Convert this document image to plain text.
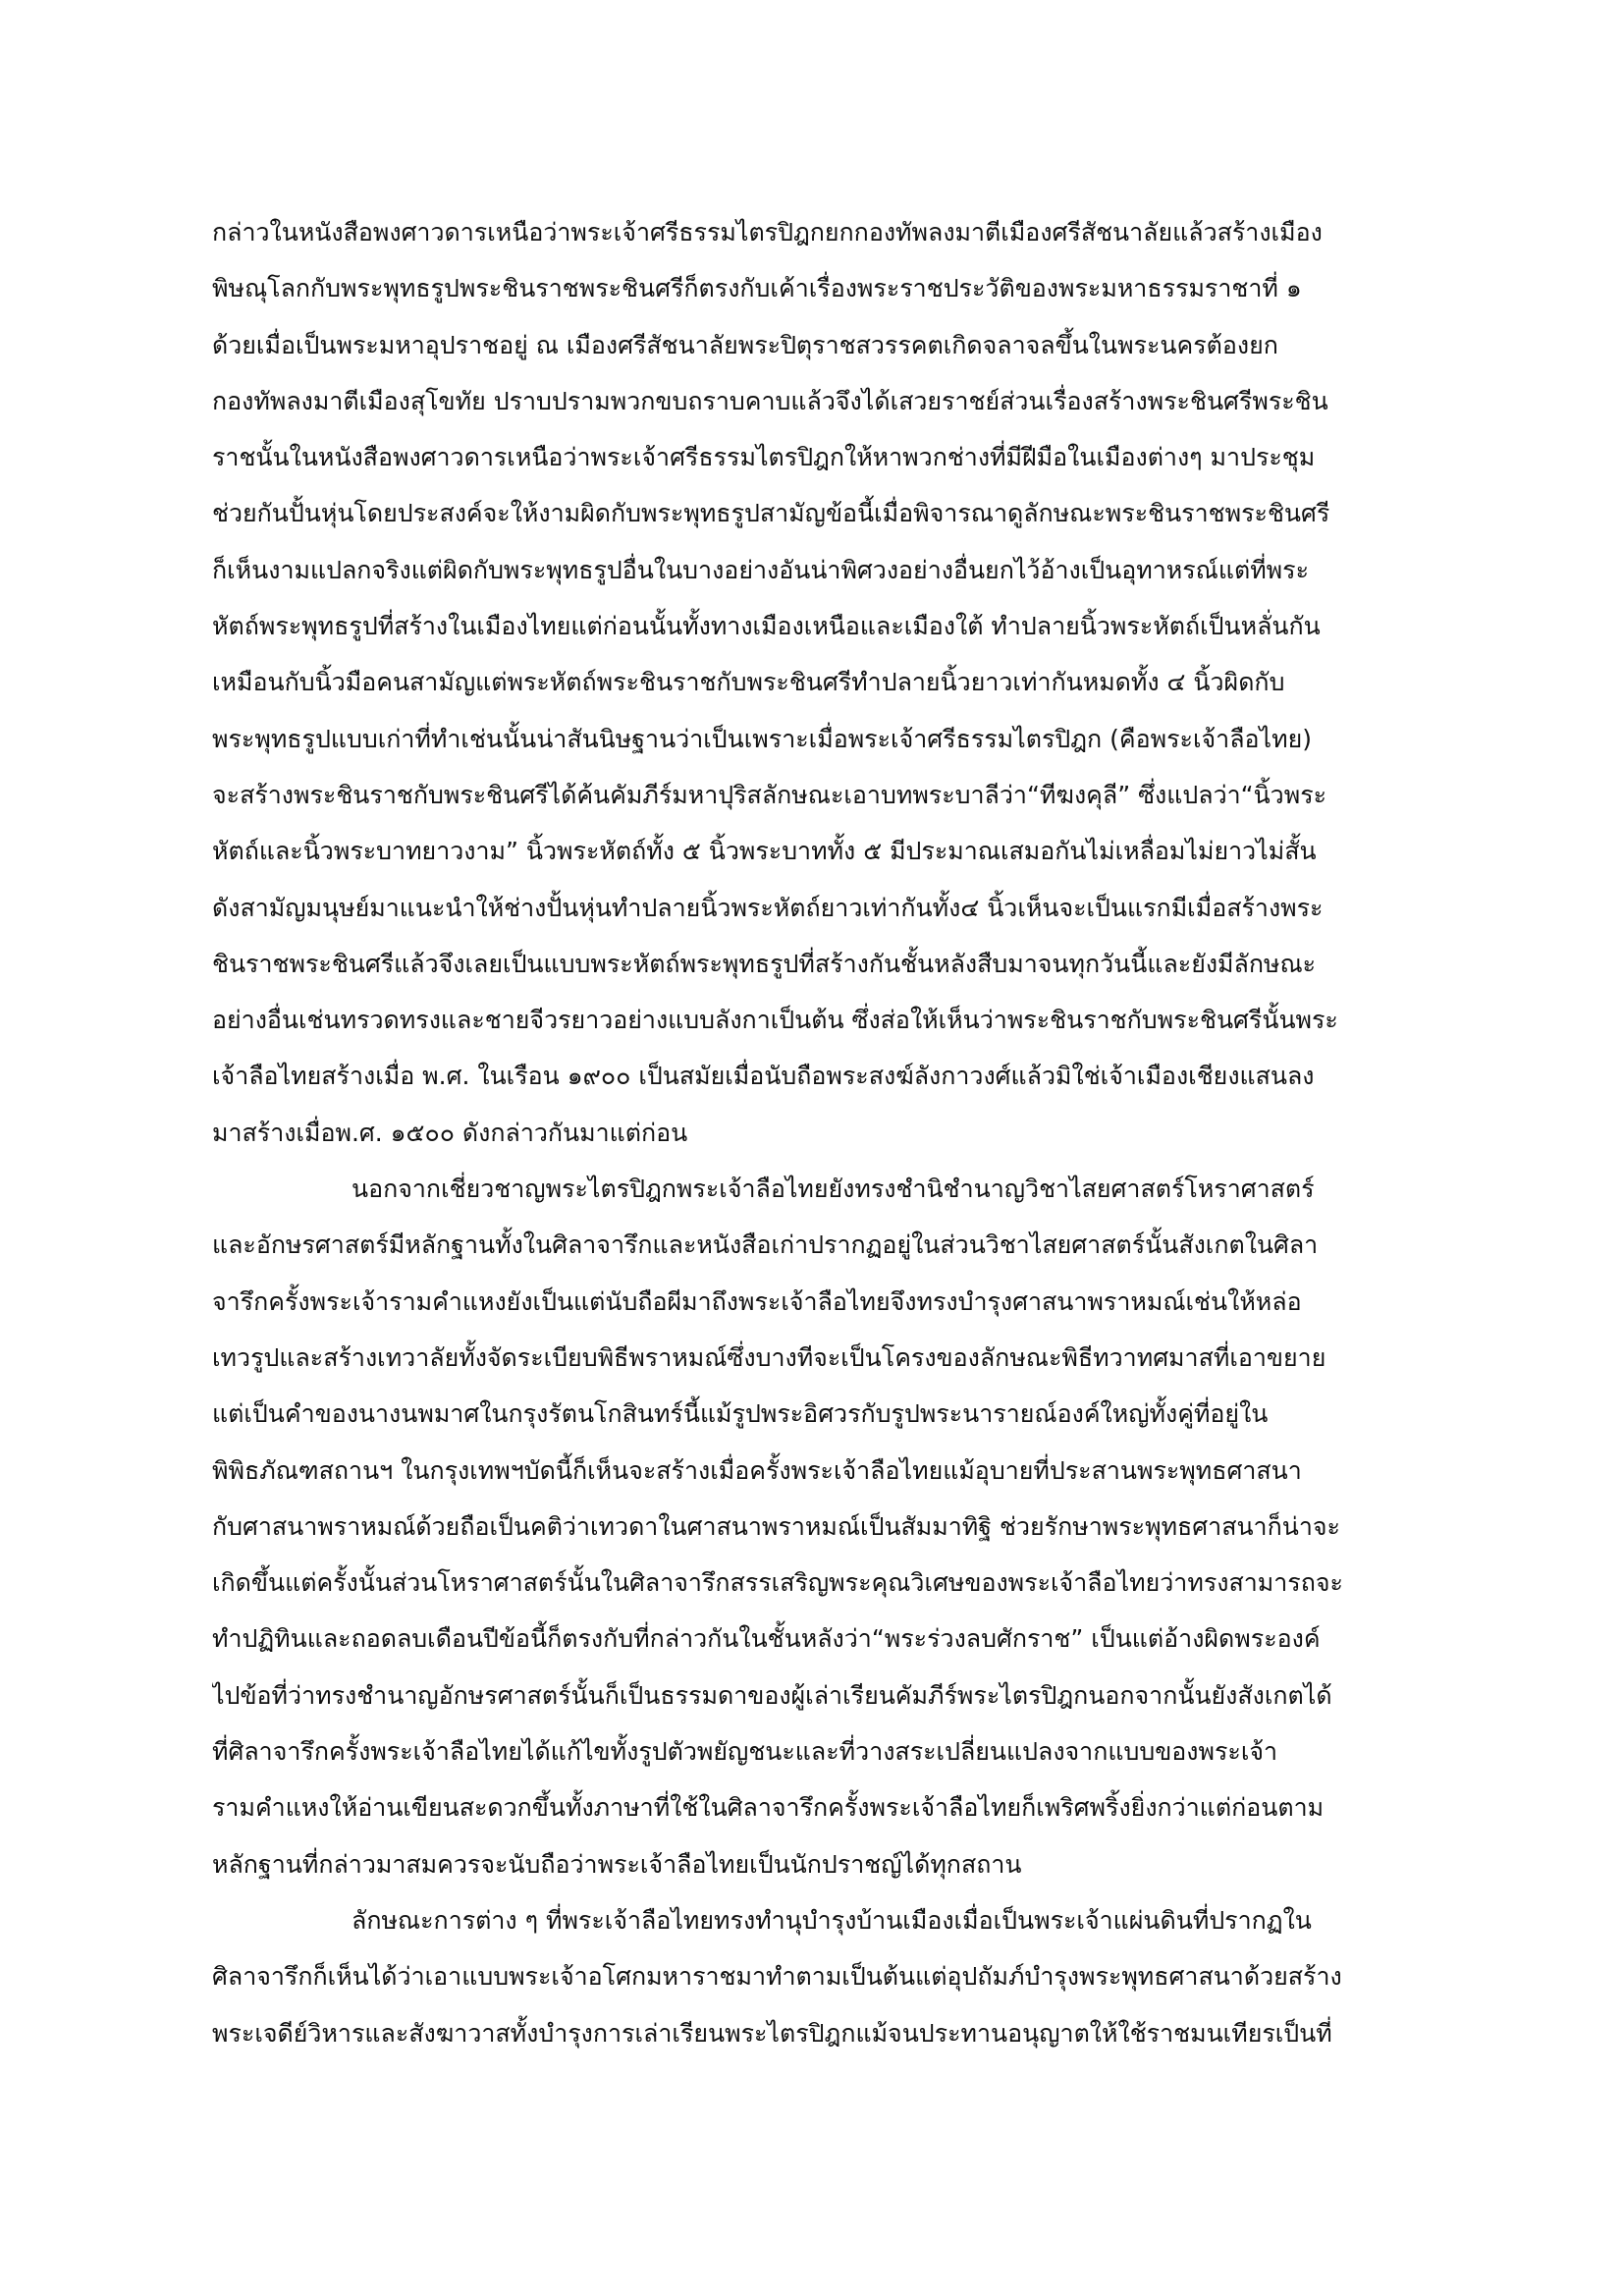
กล่าวในหนังสือพงศาวดารเหนือว่าพระเจ้าศรีธรรมไตรปิฎกยกกองทัพลงมาตีเมืองศรีสัชนาลัยแล้วสร้างเมือง
พิษณุโลกกับพระพุทธรูปพระชินราชพระชินศรีก็ตรงกับเค้าเรื่องพระราชประวัติของพระมหาธรรมราชาที่ ๑
ด้วยเมื่อเป็นพระมหาอุปราชอยู่ ณ เมืองศรีสัชนาลัยพระปิตุราชสวรรคตเกิดจลาจลขึ้นในพระนครต้องยก
กองทัพลงมาตีเมืองสุโขทัย ปราบปรามพวกขบถราบคาบแล้วจึงได้เสวยราชย์ส่วนเรื่องสร้างพระชินศรีพระชิน
ราชนั้นในหนังสือพงศาวดารเหนือว่าพระเจ้าศรีธรรมไตรปิฎกให้หาพวกช่างที่มีฝีมือในเมืองต่างๆ มาประชุม
ช่วยกันปั้นหุ่นโดยประสงค์จะให้งามผิดกับพระพุทธรูปสามัญข้อนี้เมื่อพิจารณาดูลักษณะพระชินราชพระชินศรี
ก็เห็นงามแปลกจริงแต่ผิดกับพระพุทธรูปอื่นในบางอย่างอันน่าพิศวงอย่างอื่นยกไว้อ้างเป็นอุทาหรณ์แต่ที่พระ
หัตถ์พระพุทธรูปที่สร้างในเมืองไทยแต่ก่อนนั้นทั้งทางเมืองเหนือและเมืองใต้ ทำปลายนิ้วพระหัตถ์เป็นหลั่นกัน
เหมือนกับนิ้วมือคนสามัญแต่พระหัตถ์พระชินราชกับพระชินศรีทำปลายนิ้วยาวเท่ากันหมดทั้ง ๔ นิ้วผิดกับ
พระพุทธรูปแบบเก่าที่ทำเช่นนั้นน่าสันนิษฐานว่าเป็นเพราะเมื่อพระเจ้าศรีธรรมไตรปิฎก (คือพระเจ้าลือไทย)
จะสร้างพระชินราชกับพระชินศรีได้ค้นคัมภีร์มหาปุริสลักษณะเอาบทพระบาลีว่า“ทีฆงคุลี” ซึ่งแปลว่า“นิ้วพระ
หัตถ์และนิ้วพระบาทยาวงาม” นิ้วพระหัตถ์ทั้ง ๕ นิ้วพระบาททั้ง ๕ มีประมาณเสมอกันไม่เหลื่อมไม่ยาวไม่สั้น
ดังสามัญมนุษย์มาแนะนำให้ช่างปั้นหุ่นทำปลายนิ้วพระหัตถ์ยาวเท่ากันทั้ง๔ นิ้วเห็นจะเป็นแรกมีเมื่อสร้างพระ
ชินราชพระชินศรีแล้วจึงเลยเป็นแบบพระหัตถ์พระพุทธรูปที่สร้างกันชั้นหลังสืบมาจนทุกวันนี้และยังมีลักษณะ
อย่างอื่นเช่นทรวดทรงและชายจีวรยาวอย่างแบบลังกาเป็นต้น ซึ่งส่อให้เห็นว่าพระชินราชกับพระชินศรีนั้นพระ
เจ้าลือไทยสร้างเมื่อ พ.ศ. ในเรือน ๑๙๐๐ เป็นสมัยเมื่อนับถือพระสงฆ์ลังกาวงศ์แล้วมิใช่เจ้าเมืองเชียงแสนลง
มาสร้างเมื่อพ.ศ. ๑๕๐๐ ดังกล่าวกันมาแต่ก่อน
นอกจากเชี่ยวชาญพระไตรปิฎกพระเจ้าลือไทยยังทรงชำนิชำนาญวิชาไสยศาสตร์โหราศาสตร์
และอักษรศาสตร์มีหลักฐานทั้งในศิลาจารึกและหนังสือเก่าปรากฏอยู่ในส่วนวิชาไสยศาสตร์นั้นสังเกตในศิลา
จารึกครั้งพระเจ้ารามคำแหงยังเป็นแต่นับถือผีมาถึงพระเจ้าลือไทยจึงทรงบำรุงศาสนาพราหมณ์เช่นให้หล่อ
เทวรูปและสร้างเทวาลัยทั้งจัดระเบียบพิธีพราหมณ์ซึ่งบางทีจะเป็นโครงของลักษณะพิธีทวาทศมาสที่เอาขยาย
แต่เป็นคำของนางนพมาศในกรุงรัตนโกสินทร์นี้แม้รูปพระอิศวรกับรูปพระนารายณ์องค์ใหญ่ทั้งคู่ที่อยู่ใน
พิพิธภัณฑสถานฯ ในกรุงเทพฯบัดนี้ก็เห็นจะสร้างเมื่อครั้งพระเจ้าลือไทยแม้อุบายที่ประสานพระพุทธศาสนา
กับศาสนาพราหมณ์ด้วยถือเป็นคติว่าเทวดาในศาสนาพราหมณ์เป็นสัมมาทิฐิ ช่วยรักษาพระพุทธศาสนาก็น่าจะ
เกิดขึ้นแต่ครั้งนั้นส่วนโหราศาสตร์นั้นในศิลาจารึกสรรเสริญพระคุณวิเศษของพระเจ้าลือไทยว่าทรงสามารถจะ
ทำปฏิทินและถอดลบเดือนปีข้อนี้ก็ตรงกับที่กล่าวกันในชั้นหลังว่า“พระร่วงลบศักราช” เป็นแต่อ้างผิดพระองค์
ไปข้อที่ว่าทรงชำนาญอักษรศาสตร์นั้นก็เป็นธรรมดาของผู้เล่าเรียนคัมภีร์พระไตรปิฎกนอกจากนั้นยังสังเกตได้
ที่ศิลาจารึกครั้งพระเจ้าลือไทยได้แก้ไขทั้งรูปตัวพยัญชนะและที่วางสระเปลี่ยนแปลงจากแบบของพระเจ้า
รามคำแหงให้อ่านเขียนสะดวกขึ้นทั้งภาษาที่ใช้ในศิลาจารึกครั้งพระเจ้าลือไทยก็เพริศพริ้งยิ่งกว่าแต่ก่อนตาม
หลักฐานที่กล่าวมาสมควรจะนับถือว่าพระเจ้าลือไทยเป็นนักปราชญ์ได้ทุกสถาน
ลักษณะการต่าง ๆ ที่พระเจ้าลือไทยทรงทำนุบำรุงบ้านเมืองเมื่อเป็นพระเจ้าแผ่นดินที่ปรากฏใน
ศิลาจารึกก็เห็นได้ว่าเอาแบบพระเจ้าอโศกมหาราชมาทำตามเป็นต้นแต่อุปถัมภ์บำรุงพระพุทธศาสนาด้วยสร้าง
พระเจดีย์วิหารและสังฆาวาสทั้งบำรุงการเล่าเรียนพระไตรปิฎกแม้จนประทานอนุญาตให้ใช้ราชมนเทียรเป็นที่
